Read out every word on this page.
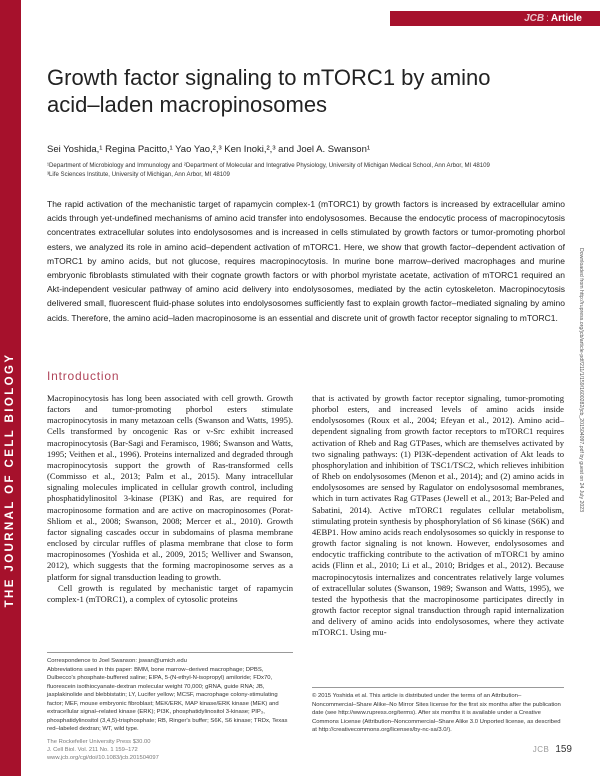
THE JOURNAL OF CELL BIOLOGY
JCB : Article
Growth factor signaling to mTORC1 by amino acid–laden macropinosomes
Sei Yoshida,¹ Regina Pacitto,¹ Yao Yao,²,³ Ken Inoki,²,³ and Joel A. Swanson¹
¹Department of Microbiology and Immunology and ²Department of Molecular and Integrative Physiology, University of Michigan Medical School, Ann Arbor, MI 48109
³Life Sciences Institute, University of Michigan, Ann Arbor, MI 48109

The rapid activation of the mechanistic target of rapamycin complex-1 (mTORC1) by growth factors is increased by extracellular amino acids through yet-undefined mechanisms of amino acid transfer into endolysosomes. Because the endocytic process of macropinocytosis concentrates extracellular solutes into endolysosomes and is increased in cells stimulated by growth factors or tumor-promoting phorbol esters, we analyzed its role in amino acid–dependent activation of mTORC1. Here, we show that growth factor–dependent activation of mTORC1 by amino acids, but not glucose, requires macropinocytosis. In murine bone marrow–derived macrophages and murine embryonic fibroblasts stimulated with their cognate growth factors or with phorbol myristate acetate, activation of mTORC1 required an Akt-independent vesicular pathway of amino acid delivery into endolysosomes, mediated by the actin cytoskeleton. Macropinocytosis delivered small, fluorescent fluid-phase solutes into endolysosomes sufficiently fast to explain growth factor–mediated signaling by amino acids. Therefore, the amino acid–laden macropinosome is an essential and discrete unit of growth factor receptor signaling to mTORC1.	Downloaded from http://rupress.org/jcb/article-pdf/211/1/159/1600282/jcb_201504097.pdf by guest on 24 July 2023
Introduction

Macropinocytosis has long been associated with cell growth. Growth factors and tumor-promoting phorbol esters stimulate macropinocytosis in many metazoan cells (Swanson and Watts, 1995). Cells transformed by oncogenic Ras or v-Src exhibit increased macropinocytosis (Bar-Sagi and Feramisco, 1986; Swanson and Watts, 1995; Veithen et al., 1996). Proteins internalized and degraded through macropinocytosis support the growth of Ras-transformed cells (Commisso et al., 2013; Palm et al., 2015). Many intracellular signaling molecules implicated in cellular growth control, including phosphatidylinositol 3-kinase (PI3K) and Ras, are required for macropinosome formation and are active on macropinosomes (Porat-Shliom et al., 2008; Swanson, 2008; Mercer et al., 2010). Growth factor signaling cascades occur in subdomains of plasma membrane enclosed by circular ruffles of plasma membrane that close to form macropinosomes (Yoshida et al., 2009, 2015; Welliver and Swanson, 2012), which suggests that the forming macropinosome serves as a platform for signal transduction leading to growth.

Cell growth is regulated by mechanistic target of rapamycin complex-1 (mTORC1), a complex of cytosolic proteins

that is activated by growth factor receptor signaling, tumor-promoting phorbol esters, and increased levels of amino acids inside endolysosomes (Roux et al., 2004; Efeyan et al., 2012). Amino acid–dependent signaling from growth factor receptors to mTORC1 requires activation of Rheb and Rag GTPases, which are themselves activated by two signaling pathways: (1) PI3K-dependent activation of Akt leads to phosphorylation and inhibition of TSC1/TSC2, which relieves inhibition of Rheb on endolysosomes (Menon et al., 2014); and (2) amino acids in endolysosomes are sensed by Ragulator on endolysosomal membranes, which in turn activates Rag GTPases (Jewell et al., 2013; Bar-Peled and Sabatini, 2014). Active mTORC1 regulates cellular metabolism, stimulating protein synthesis by phosphorylation of S6 kinase (S6K) and 4EBP1. How amino acids reach endolysosomes so quickly in response to growth factor signaling is not known. However, endolysosomes and endocytic trafficking contribute to the activation of mTORC1 by amino acids (Flinn et al., 2010; Li et al., 2010; Bridges et al., 2012). Because macropinocytosis internalizes and concentrates relatively large volumes of extracellular solutes (Swanson, 1989; Swanson and Watts, 1995), we tested the hypothesis that the macropinosome participates directly in growth factor receptor signal transduction through rapid internalization and delivery of amino acids into endolysosomes, where they activate mTORC1. Using mu-

Correspondence to Joel Swanson: jswan@umich.edu

Abbreviations used in this paper: BMM, bone marrow–derived macrophage; DPBS, Dulbecco's phosphate-buffered saline; EIPA, 5-(N-ethyl-N-isopropyl) amiloride; FDx70, fluorescein isothiocyanate-dextran molecular weight 70,000; gRNA, guide RNA; JB, jasplakinolide and blebbistatin; LY, Lucifer yellow; MCSF, macrophage colony-stimulating factor; MEF, mouse embryonic fibroblast; MEK/ERK, MAP kinase/ERK kinase (MEK) and extracellular signal–related kinase (ERK); PI3K, phosphatidylinositol 3-kinase; PIP₃, phosphatidylinositol (3,4,5)-trisphosphate; RB, Ringer's buffer; S6K, S6 kinase; TRDx, Texas red–labeled dextran; WT, wild type.

© 2015 Yoshida et al. This article is distributed under the terms of an Attribution–Noncommercial–Share Alike–No Mirror Sites license for the first six months after the publication date (see http://www.rupress.org/terms). After six months it is available under a Creative Commons License (Attribution–Noncommercial–Share Alike 3.0 Unported license, as described at http://creativecommons.org/licenses/by-nc-sa/3.0/).

The Rockefeller University Press $30.00
J. Cell Biol. Vol. 211 No. 1 159–172
www.jcb.org/cgi/doi/10.1083/jcb.201504097
JCB 159
